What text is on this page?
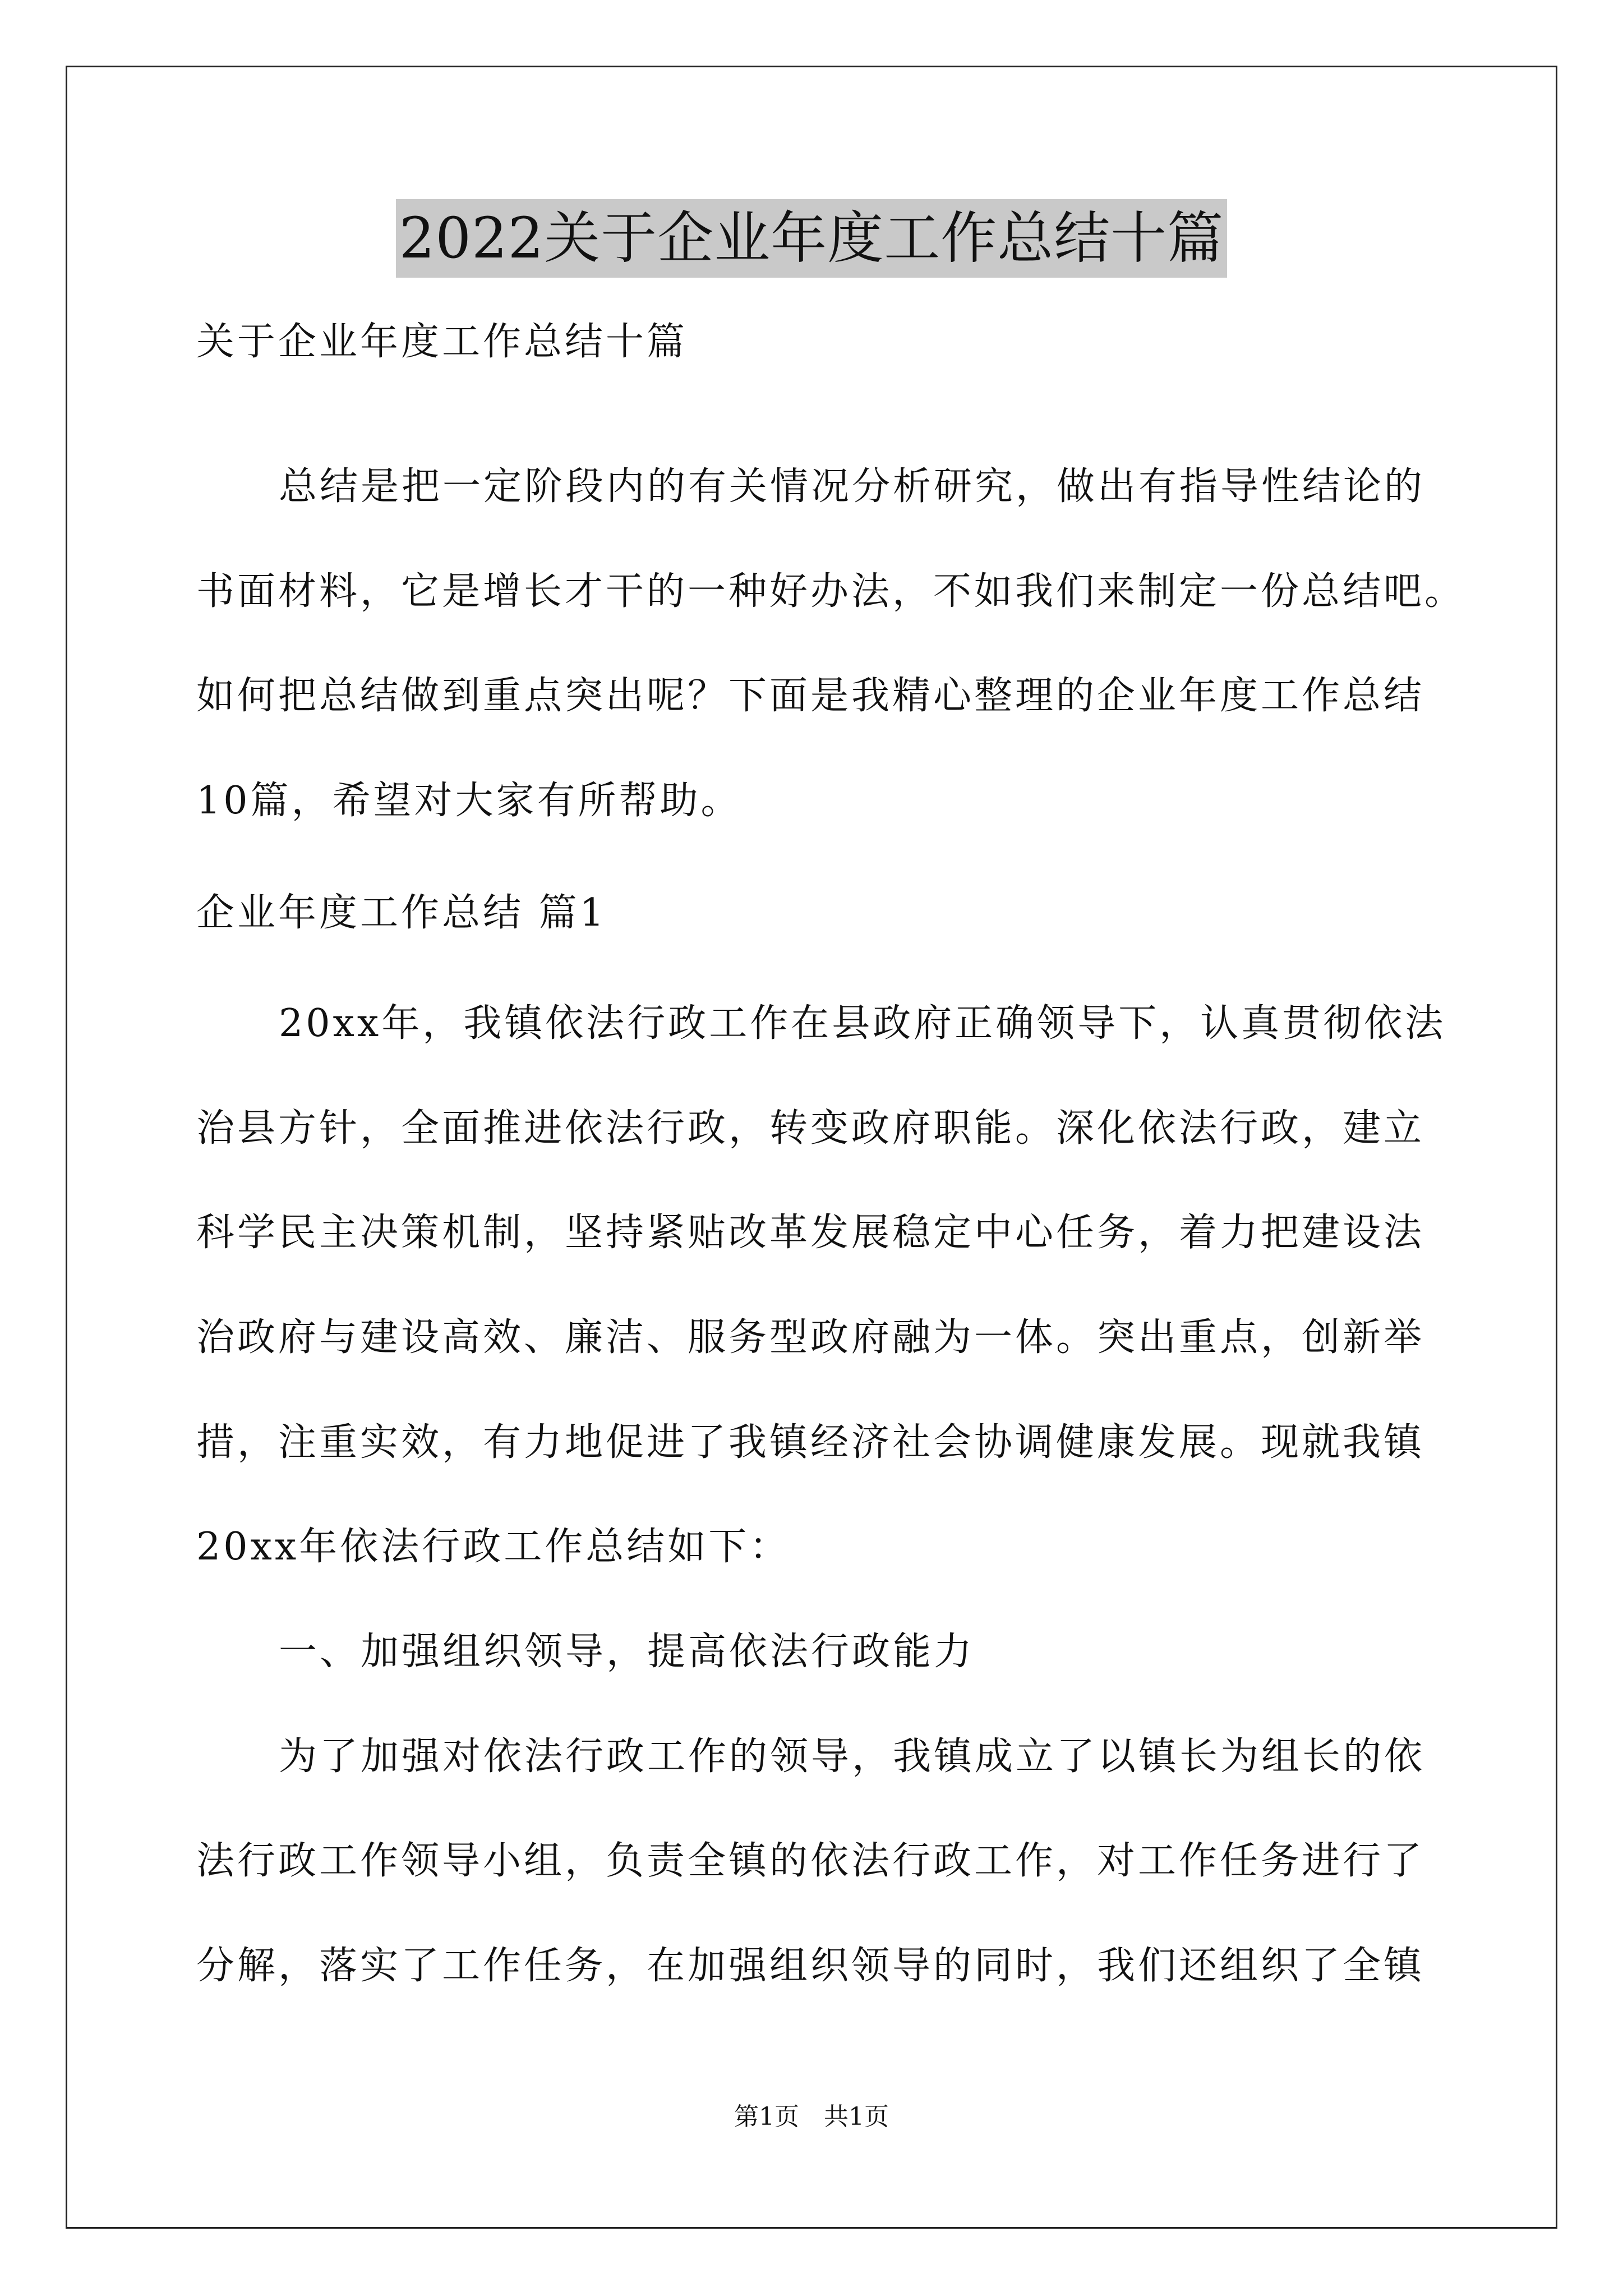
2022关于企业年度工作总结十篇
关于企业年度工作总结十篇
总结是把一定阶段内的有关情况分析研究，做出有指导性结论的
书面材料，它是增长才干的一种好办法，不如我们来制定一份总结吧。
如何把总结做到重点突出呢？下面是我精心整理的企业年度工作总结
10篇，希望对大家有所帮助。
企业年度工作总结 篇1
20xx年，我镇依法行政工作在县政府正确领导下，认真贯彻依法
治县方针，全面推进依法行政，转变政府职能。深化依法行政，建立
科学民主决策机制，坚持紧贴改革发展稳定中心任务，着力把建设法
治政府与建设高效、廉洁、服务型政府融为一体。突出重点，创新举
措，注重实效，有力地促进了我镇经济社会协调健康发展。现就我镇
20xx年依法行政工作总结如下：
一、加强组织领导，提高依法行政能力
为了加强对依法行政工作的领导，我镇成立了以镇长为组长的依
法行政工作领导小组，负责全镇的依法行政工作，对工作任务进行了
分解，落实了工作任务，在加强组织领导的同时，我们还组织了全镇
第1页　共1页
